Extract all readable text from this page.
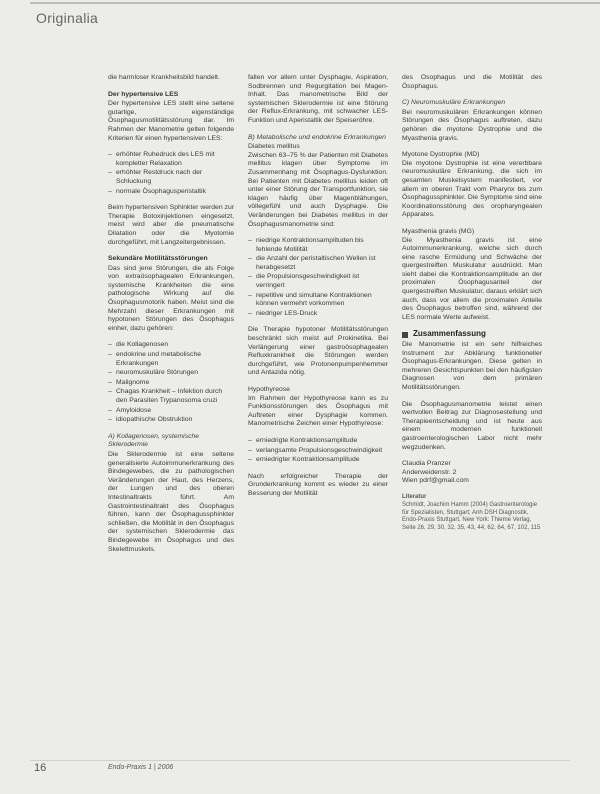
Originalia

die harmloser Krankheitsbild handelt.

Der hypertensive LES

Der hypertensive LES stellt eine seltene gutartige, eigenständige Ösophagusmotilitätsstörung dar. Im Rahmen der Manometrie gelten folgende Kriterien für einen hypertensiven LES:

– erhöhter Ruhedruck des LES mit kompletter Relaxation
– erhöhter Restdruck nach der Schluckung
– normale Ösophagusperistaltik

Beim hypertensiven Sphinkter werden zur Therapie Botoxinjektionen eingesetzt, meist wird aber die pneumatische Dilatation oder die Myotomie durchgeführt, mit Langzeitergebnissen.

Sekundäre Motilitätsstörungen

Das sind jene Störungen, die als Folge von extraösophagealen Erkrankungen, systemische Krankheiten die eine pathologische Wirkung auf die Ösophagusmotorik haben. Meist sind die Mehrzahl dieser Erkrankungen mit hypotonen Störungen des Ösophagus einher, dazu gehören:

– die Kollagenosen
– endokrine und metabolische Erkrankungen
– neuromuskuläre Störungen
– Malignome
– Chagas Krankheit – Infektion durch den Parasiten Trypanosoma cruzi
– Amyloidose
– idiopathische Obstruktion
A) Kollagenosen, systemische Sklerodermie

Die Sklerodermie ist eine seltene generalisierte Autoimmunerkrankung des Bindegewebes, die zu pathologischen Veränderungen der Haut, des Herzens, der Lungen und des oberen Intestinaltrakts führt. Am Gastrointestinaltrakt des Ösophagus führen, kann der Ösophagussphinkter schließen, die Motilität in den Ösophagus der systemischen Sklerodermie das Bindegewebe im Ösophagus und des Skelettmuskels.

fallen vor allem unter Dysphagie, Aspiration, Sodbrennen und Regurgitation bei Magen-Inhalt. Das manometrische Bild der systemischen Sklerodermie ist eine Störung der Reflux-Erkrankung, mit schwacher LES-Funktion und Aperistaltik der Speiseröhre.

B) Metabolische und endokrine Erkrankungen
Diabetes mellitus

Zwischen 63–75 % der Patienten mit Diabetes mellitus klagen über Symptome im Zusammenhang mit Ösophagus-Dysfunktion. Bei Patienten mit Diabetes mellitus leiden oft unter einer Störung der Transportfunktion, sie klagen häufig über Magenblähungen, völlegefühl und auch Dysphagie. Die Veränderungen bei Diabetes mellitus in der Ösophagusmanometrie sind:

– niedrige Kontraktionsamplituden bis fehlende Motilität
– die Anzahl der peristaltischen Wellen ist herabgesetzt
– die Propulsionsgeschwindigkeit ist verringert
– repetitive und simultane Kontraktionen können vermehrt vorkommen
– niedriger LES-Druck

Die Therapie hypotoner Motilitätsstörungen beschränkt sich meist auf Prokinetika. Bei Verlängerung einer gastroösophagealen Refluxkrankheit die Störungen werden durchgeführt, wie Protonenpumpenhemmer und Antazida nötig.

Hypothyreose

Im Rahmen der Hypothyreose kann es zu Funktionsstörungen des Ösophagus mit Auftreten einer Dysphagie kommen. Manometrische Zeichen einer Hypothyreose:

– erniedrigte Kontraktionsamplitude
– verlangsamte Propulsionsgeschwindigkeit
– erniedrigter Kontraktionsamplitude

Nach erfolgreicher Therapie der Grunderkrankung kommt es wieder zu einer Besserung der Motilität

des Ösophagus und die Motilität des Ösophagus.

C) Neuromuskuläre Erkrankungen

Bei neuromuskulären Erkrankungen können Störungen des Ösophagus auftreten, dazu gehören die myotone Dystrophie und die Myasthenia gravis.

Myotone Dystrophie (MD)

Die myotone Dystrophie ist eine vererbbare neuromuskuläre Erkrankung, die sich im gesamten Muskelsystem manifestiert, vor allem im oberen Trakt vom Pharynx bis zum Ösophagussphinkter. Die Symptome sind eine Koordinationsstörung des oropharyngealen Apparates.

Myasthenia gravis (MG)

Die Myasthenia gravis ist eine Autoimmunerkrankung, welche sich durch eine rasche Ermüdung und Schwäche der quergestreiften Muskulatur ausdrückt. Man sieht dabei die Kontraktionsamplitude an der proximalen Ösophagusanteil der quergestreiften Muskulatur, daraus erklärt sich auch, dass vor allem die proximalen Anteile des Ösophagus betroffen sind, während der LES normale Werte aufweist.

Zusammenfassung

Die Manometrie ist ein sehr hilfreiches Instrument zur Abklärung funktioneller Ösophagus-Erkrankungen. Diese gelten in mehreren Gesichtspunkten bei den häufigsten Diagnosen von dem primären Motilitätsstörungen.

Die Ösophagusmanometrie leistet einen wertvollen Beitrag zur Diagnosestellung und Therapieentscheidung und ist heute aus einem modernen funktionell gastroenterologischen Labor nicht mehr wegzudenken.

Claudia Pranzer
Anderweidenstr. 2
Wien pdrf@gmail.com
Literatur
Schmidt, Joachim Hamm (2004) Gastroenterologie für Spezialisten, Stuttgart; Anh DSH Diagnostik, Endo-Praxis Stuttgart, New York: Thieme Verlag, Seite 26, 29, 30, 32, 35, 43, 44, 62, 64, 67, 102, 115
16	Endo-Praxis 1 | 2006
